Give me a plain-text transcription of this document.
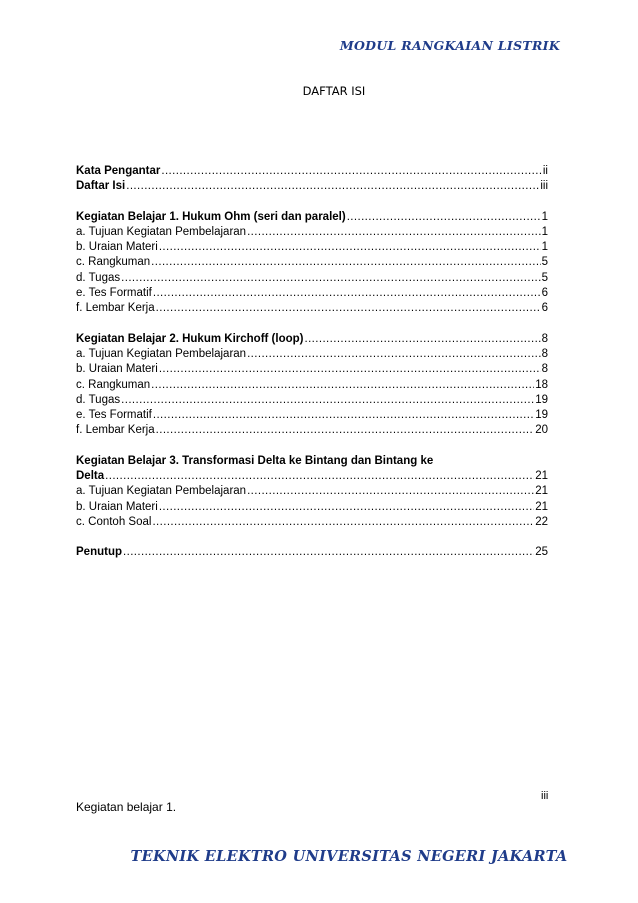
MODUL RANGKAIAN LISTRIK
DAFTAR ISI
Kata Pengantar .....	ii
Daftar Isi .....	iii
Kegiatan Belajar 1. Hukum Ohm (seri dan paralel) .....	1
a. Tujuan Kegiatan Pembelajaran .....	1
b. Uraian Materi .....	1
c. Rangkuman .....	5
d. Tugas .....	5
e. Tes Formatif .....	6
f. Lembar Kerja .....	6
Kegiatan Belajar 2. Hukum Kirchoff (loop) .....	8
a. Tujuan Kegiatan Pembelajaran .....	8
b. Uraian Materi .....	8
c. Rangkuman .....	18
d. Tugas .....	19
e. Tes Formatif .....	19
f. Lembar Kerja .....	20
Kegiatan Belajar 3. Transformasi Delta ke Bintang dan Bintang ke
Delta .....	21
a. Tujuan Kegiatan Pembelajaran .....	21
b. Uraian Materi .....	21
c. Contoh Soal .....	22
Penutup .....	25
iii
Kegiatan belajar 1.
TEKNIK ELEKTRO UNIVERSITAS NEGERI JAKARTA
